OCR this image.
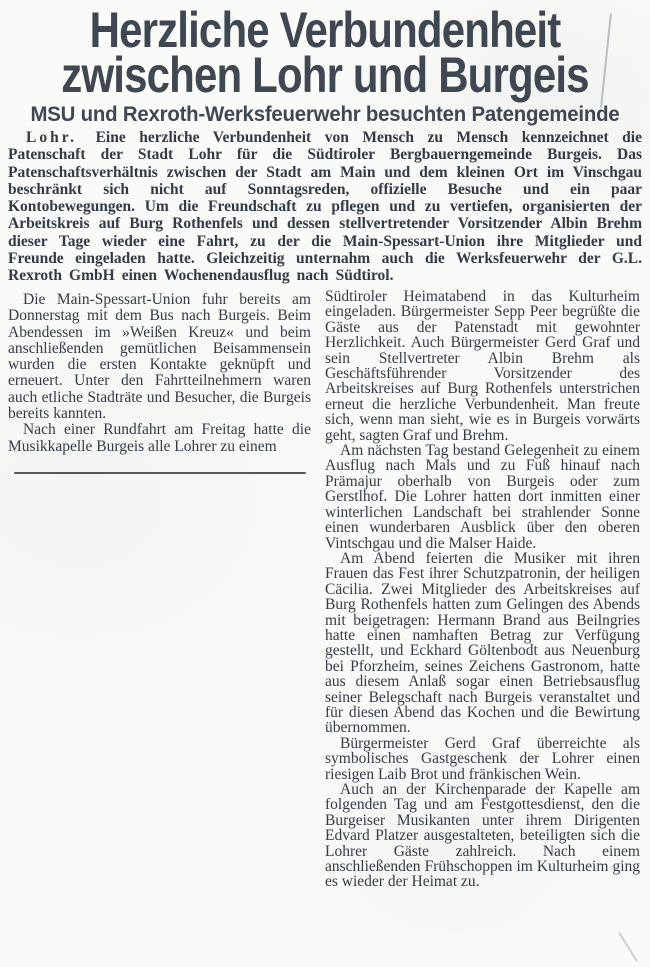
Herzliche Verbundenheit
zwischen Lohr und Burgeis
MSU und Rexroth-Werksfeuerwehr besuchten Patengemeinde

Lohr. Eine herzliche Verbundenheit von Mensch zu Mensch kennzeichnet die Patenschaft der Stadt Lohr für die Südtiroler Bergbauerngemeinde Burgeis. Das Patenschaftsverhältnis zwischen der Stadt am Main und dem kleinen Ort im Vinschgau beschränkt sich nicht auf Sonntagsreden, offizielle Besuche und ein paar Kontobewegungen. Um die Freundschaft zu pflegen und zu vertiefen, organisierten der Arbeitskreis auf Burg Rothenfels und dessen stellvertretender Vorsitzender Albin Brehm dieser Tage wieder eine Fahrt, zu der die Main-Spessart-Union ihre Mitglieder und Freunde eingeladen hatte. Gleichzeitig unternahm auch die Werksfeuerwehr der G.L. Rexroth GmbH einen Wochenendausflug nach Südtirol.

Die Main-Spessart-Union fuhr bereits am Donnerstag mit dem Bus nach Burgeis. Beim Abendessen im »Weißen Kreuz« und beim anschließenden gemütlichen Beisammensein wurden die ersten Kontakte geknüpft und erneuert. Unter den Fahrtteilnehmern waren auch etliche Stadträte und Besucher, die Burgeis bereits kannten.

Nach einer Rundfahrt am Freitag hatte die Musikkapelle Burgeis alle Lohrer zu einem

Südtiroler Heimatabend in das Kulturheim eingeladen. Bürgermeister Sepp Peer begrüßte die Gäste aus der Patenstadt mit gewohnter Herzlichkeit. Auch Bürgermeister Gerd Graf und sein Stellvertreter Albin Brehm als Geschäftsführender Vorsitzender des Arbeitskreises auf Burg Rothenfels unterstrichen erneut die herzliche Verbundenheit. Man freute sich, wenn man sieht, wie es in Burgeis vorwärts geht, sagten Graf und Brehm.

Am nächsten Tag bestand Gelegenheit zu einem Ausflug nach Mals und zu Fuß hinauf nach Prämajur oberhalb von Burgeis oder zum Gerstlhof. Die Lohrer hatten dort inmitten einer winterlichen Landschaft bei strahlender Sonne einen wunderbaren Ausblick über den oberen Vintschgau und die Malser Haide.

Am Abend feierten die Musiker mit ihren Frauen das Fest ihrer Schutzpatronin, der heiligen Cäcilia. Zwei Mitglieder des Arbeitskreises auf Burg Rothenfels hatten zum Gelingen des Abends mit beigetragen: Hermann Brand aus Beilngries hatte einen namhaften Betrag zur Verfügung gestellt, und Eckhard Göltenbodt aus Neuenburg bei Pforzheim, seines Zeichens Gastronom, hatte aus diesem Anlaß sogar einen Betriebsausflug seiner Belegschaft nach Burgeis veranstaltet und für diesen Abend das Kochen und die Bewirtung übernommen.

Bürgermeister Gerd Graf überreichte als symbolisches Gastgeschenk der Lohrer einen riesigen Laib Brot und fränkischen Wein.

Auch an der Kirchenparade der Kapelle am folgenden Tag und am Festgottesdienst, den die Burgeiser Musikanten unter ihrem Dirigenten Edvard Platzer ausgestalteten, beteiligten sich die Lohrer Gäste zahlreich. Nach einem anschließenden Frühschoppen im Kulturheim ging es wieder der Heimat zu.
